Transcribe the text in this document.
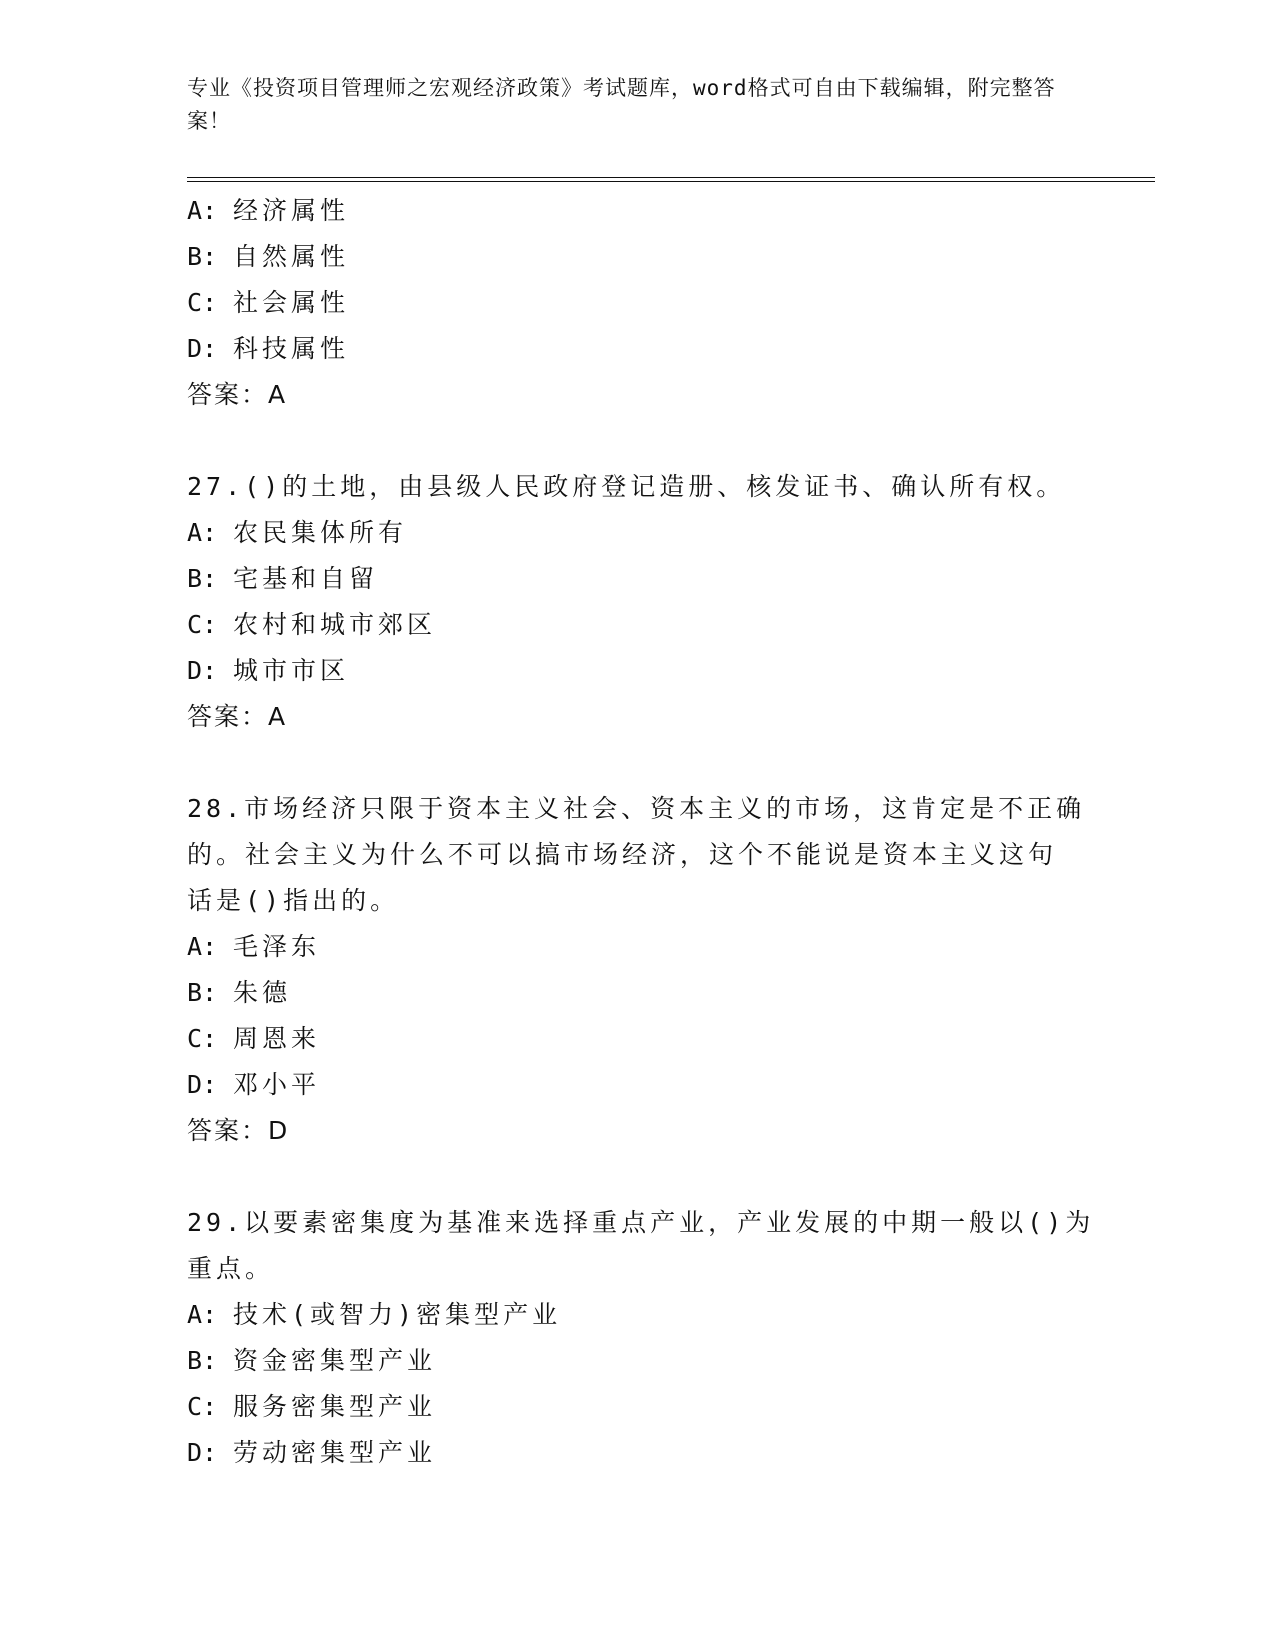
专业《投资项目管理师之宏观经济政策》考试题库，word格式可自由下载编辑，附完整答案！
A: 经济属性
B: 自然属性
C: 社会属性
D: 科技属性
答案：A
27.()的土地，由县级人民政府登记造册、核发证书、确认所有权。
A: 农民集体所有
B: 宅基和自留
C: 农村和城市郊区
D: 城市市区
答案：A
28.市场经济只限于资本主义社会、资本主义的市场，这肯定是不正确
的。社会主义为什么不可以搞市场经济，这个不能说是资本主义这句
话是()指出的。
A: 毛泽东
B: 朱德
C: 周恩来
D: 邓小平
答案：D
29.以要素密集度为基准来选择重点产业，产业发展的中期一般以()为
重点。
A: 技术(或智力)密集型产业
B: 资金密集型产业
C: 服务密集型产业
D: 劳动密集型产业
